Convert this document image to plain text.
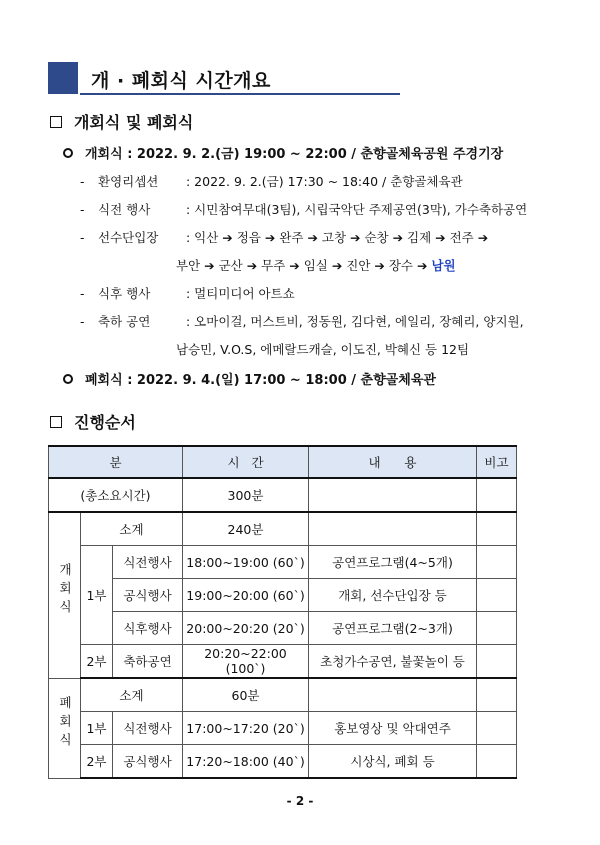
개 · 폐회식 시간개요
개회식 및 폐회식
개회식 : 2022. 9. 2.(금) 19:00 ~ 22:00 / 춘향골체육공원 주경기장
- 환영리셉션 : 2022. 9. 2.(금) 17:30 ~ 18:40 / 춘향골체육관
- 식전 행사	: 시민참여무대(3팀), 시립국악단 주제공연(3막), 가수축하공연
- 선수단입장 : 익산 ➔ 정읍 ➔ 완주 ➔ 고창 ➔ 순창 ➔ 김제 ➔ 전주 ➔
부안 ➔ 군산 ➔ 무주 ➔ 임실 ➔ 진안 ➔ 장수 ➔ 남원
- 식후 행사	: 멀티미디어 아트쇼
- 축하 공연	: 오마이걸, 머스트비, 정동원, 김다현, 에일리, 장혜리, 양지원,
남승민, V.O.S, 에메랄드캐슬, 이도진, 박혜신 등 12팀
폐회식 : 2022. 9. 4.(일) 17:00 ~ 18:00 / 춘향골체육관
진행순서
분			시   간	내      용	비고
(총소요시간)			300분		
개회식	소계		240분		
	1부	식전행사	18:00~19:00 (60`)	공연프로그램(4~5개)	
		공식행사	19:00~20:00 (60`)	개회, 선수단입장 등	
		식후행사	20:00~20:20 (20`)	공연프로그램(2~3개)	
	2부	축하공연	20:20~22:00 (100`)	초청가수공연, 불꽃놀이 등	
폐회식	소계		60분		
	1부	식전행사	17:00~17:20 (20`)	홍보영상 및 악대연주	
	2부	공식행사	17:20~18:00 (40`)	시상식, 폐회 등	
- 2 -
